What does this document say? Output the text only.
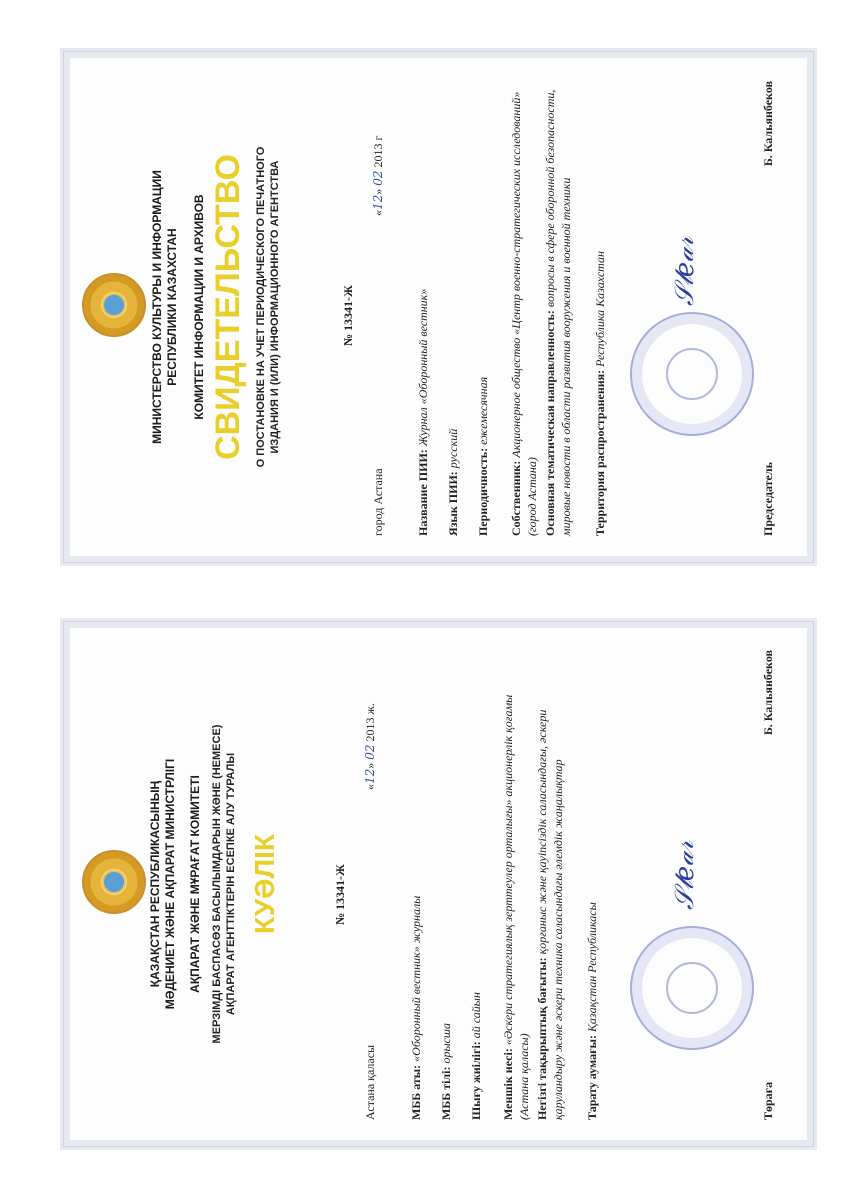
МИНИСТЕРСТВО КУЛЬТУРЫ И ИНФОРМАЦИИ РЕСПУБЛИКИ КАЗАХСТАН КОМИТЕТ ИНФОРМАЦИИ И АРХИВОВ СВИДЕТЕЛЬСТВО О ПОСТАНОВКЕ НА УЧЕТ ПЕРИОДИЧЕСКОГО ПЕЧАТНОГО ИЗДАНИЯ И (ИЛИ) ИНФОРМАЦИОННОГО АГЕНТСТВА	№ 13341-Ж
город Астана
«12» 02 2013 г
Название ПИИ: Журнал «Оборонный вестник»
Язык ПИИ: русский Периодичность: ежемесячная
Собственник: Акционерное общество «Центр военно-стратегических исследований» (город Астана) Основная тематическая направленность: вопросы в сфере оборонной безопасности, мировые новости в области развития вооружения и военной техники Территория распространения: Республика Казахстан 𝒮𝓁𝑒𝒶𝓇
Председатель
Б. Кальянбеков
ҚАЗАҚСТАН РЕСПУБЛИКАСЫНЫҢ МӘДЕНИЕТ ЖӘНЕ АҚПАРАТ МИНИСТРЛІГІ АҚПАРАТ ЖӘНЕ МҰРАҒАТ КОМИТЕТІ МЕРЗІМДІ БАСПАСӨЗ БАСЫЛЫМДАРЫН ЖӘНЕ (НЕМЕСЕ) АҚПАРАТ АГЕНТТІКТЕРІН ЕСЕПКЕ АЛУ ТУРАЛЫ КУӘЛІК	№ 13341-Ж
Астана қаласы
«12» 02 2013 ж.
МББ аты: «Оборонный вестник» журналы
МББ тілі: орысша Шығу жиілігі: ай сайын
Меншік иесі: «Әскери стратегиялық зерттеулер орталығы» акционерлік қоғамы (Астана қаласы) Негізгі тақырыптық бағыты: қорғаныс және қауіпсіздік саласындағы, әскери қаруландыру және әскери техника саласындағы әлемдік жаңалықтар Тарату аумағы: Қазақстан Республикасы
𝒮𝓁𝑒𝒶𝓇
Төраға
Б. Кальянбеков
